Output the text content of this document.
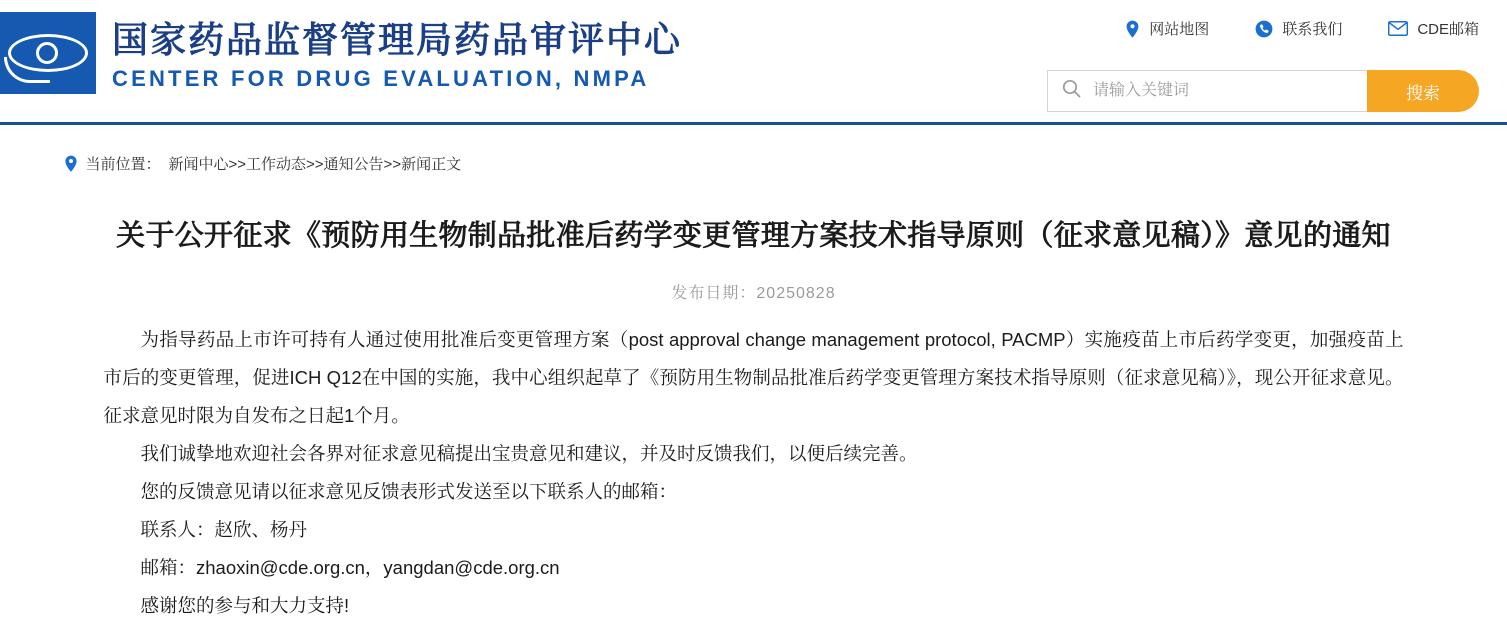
国家药品监督管理局药品审评中心
CENTER FOR DRUG EVALUATION, NMPA
网站地图	联系我们	CDE邮箱
请输入关键词
搜索
当前位置： 新闻中心>>工作动态>>通知公告>>新闻正文
关于公开征求《预防用生物制品批准后药学变更管理方案技术指导原则（征求意见稿）》意见的通知
发布日期：20250828

为指导药品上市许可持有人通过使用批准后变更管理方案（post approval change management protocol, PACMP）实施疫苗上市后药学变更，加强疫苗上市后的变更管理，促进ICH Q12在中国的实施，我中心组织起草了《预防用生物制品批准后药学变更管理方案技术指导原则（征求意见稿）》，现公开征求意见。征求意见时限为自发布之日起1个月。

我们诚挚地欢迎社会各界对征求意见稿提出宝贵意见和建议，并及时反馈我们，以便后续完善。

您的反馈意见请以征求意见反馈表形式发送至以下联系人的邮箱：

联系人：赵欣、杨丹

邮箱：zhaoxin@cde.org.cn，yangdan@cde.org.cn

感谢您的参与和大力支持!
